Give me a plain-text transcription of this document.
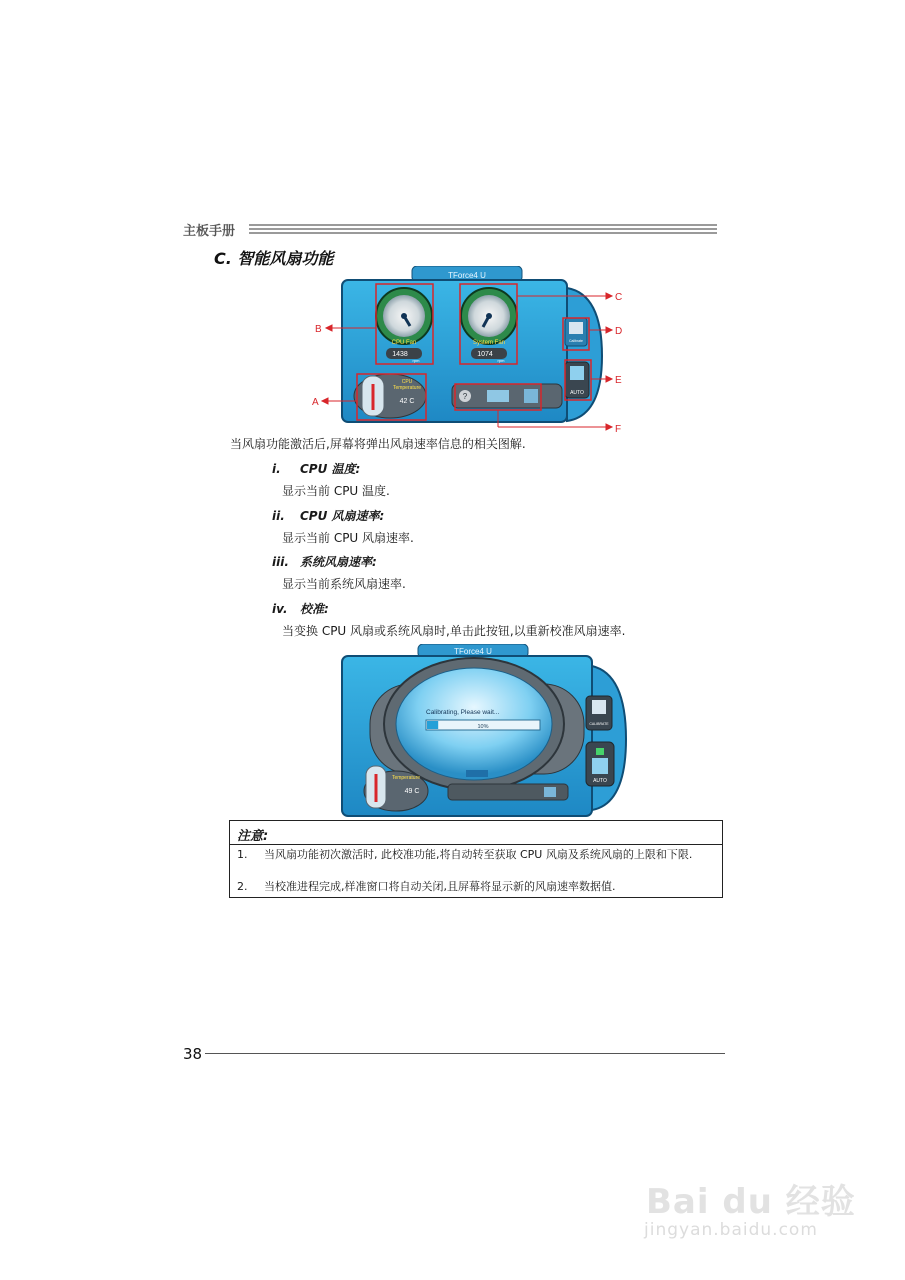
主板手册
C. 智能风扇功能
TForce4 U
?
CPU Fan
1438
rpm
System Fan
1074
rpm
CPU
Temperature
42 C
Calibrate
AUTO
B
C
D
E
A
F
当风扇功能激活后,屏幕将弹出风扇速率信息的相关图解.
i. CPU 温度:
显示当前 CPU 温度.
ii. CPU 风扇速率:
显示当前 CPU 风扇速率.
iii. 系统风扇速率:
显示当前系统风扇速率.
iv. 校准:
当变换 CPU 风扇或系统风扇时,单击此按钮,以重新校准风扇速率.
TForce4 U
Calibrating, Please wait...
10%
Temperature
49 C
CALIBRATE
AUTO
注意:
1. 当风扇功能初次激活时, 此校准功能,将自动转至获取 CPU 风扇及系统风扇的上限和下限.
2. 当校准进程完成,样准窗口将自动关闭,且屏幕将显示新的风扇速率数据值.
38
Bai du 经验
jingyan.baidu.com
